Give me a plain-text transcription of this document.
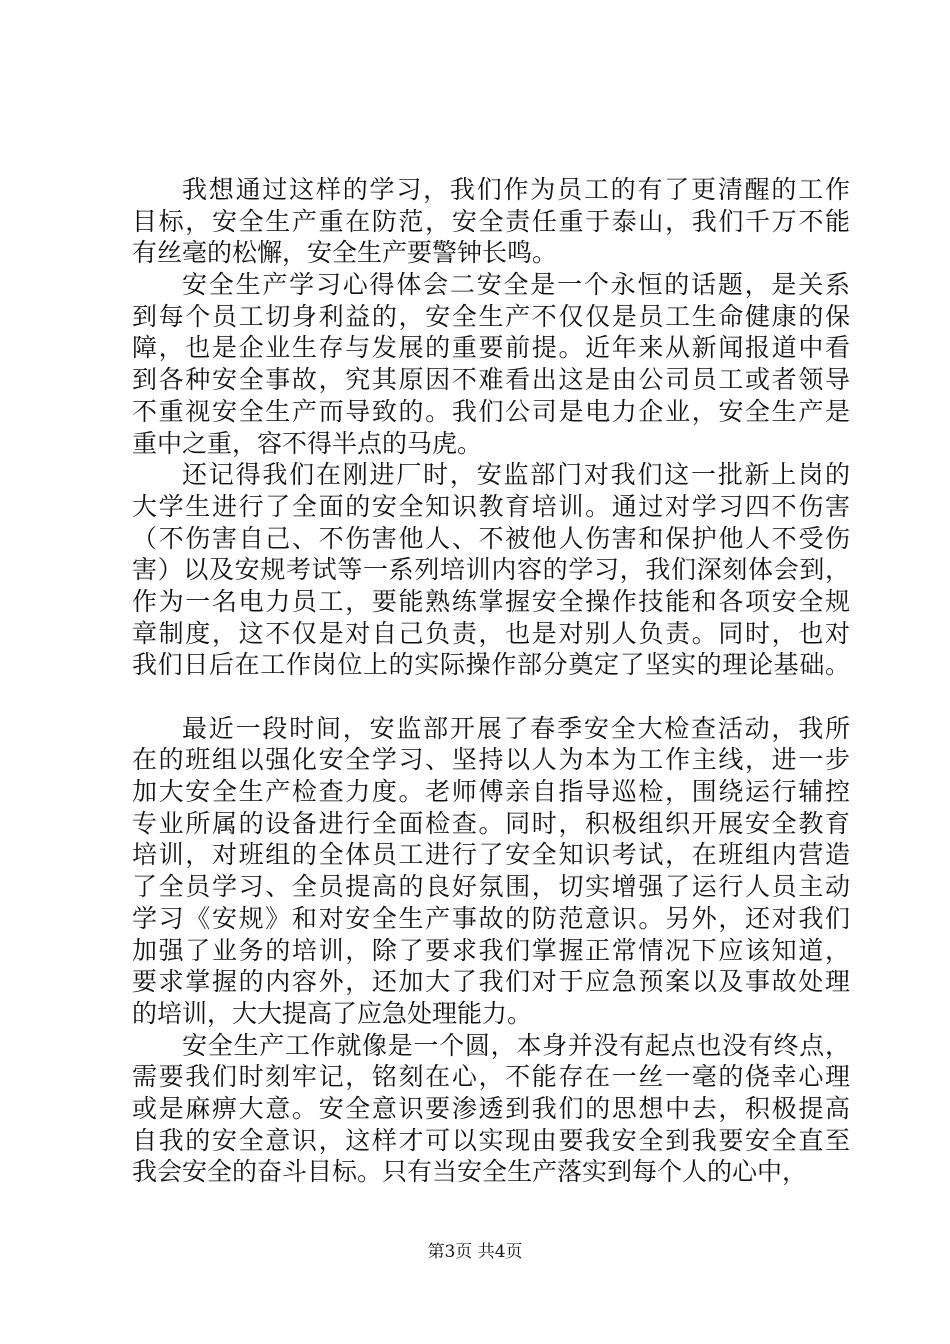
我想通过这样的学习，我们作为员工的有了更清醒的工作
目标，安全生产重在防范，安全责任重于泰山，我们千万不能
有丝毫的松懈，安全生产要警钟长鸣。
安全生产学习心得体会二安全是一个永恒的话题，是关系
到每个员工切身利益的，安全生产不仅仅是员工生命健康的保
障，也是企业生存与发展的重要前提。近年来从新闻报道中看
到各种安全事故，究其原因不难看出这是由公司员工或者领导
不重视安全生产而导致的。我们公司是电力企业，安全生产是
重中之重，容不得半点的马虎。
还记得我们在刚进厂时，安监部门对我们这一批新上岗的
大学生进行了全面的安全知识教育培训。通过对学习四不伤害
（不伤害自己、不伤害他人、不被他人伤害和保护他人不受伤
害）以及安规考试等一系列培训内容的学习，我们深刻体会到，
作为一名电力员工，要能熟练掌握安全操作技能和各项安全规
章制度，这不仅是对自己负责，也是对别人负责。同时，也对
我们日后在工作岗位上的实际操作部分奠定了坚实的理论基础。
最近一段时间，安监部开展了春季安全大检查活动，我所
在的班组以强化安全学习、坚持以人为本为工作主线，进一步
加大安全生产检查力度。老师傅亲自指导巡检，围绕运行辅控
专业所属的设备进行全面检查。同时，积极组织开展安全教育
培训，对班组的全体员工进行了安全知识考试，在班组内营造
了全员学习、全员提高的良好氛围，切实增强了运行人员主动
学习《安规》和对安全生产事故的防范意识。另外，还对我们
加强了业务的培训，除了要求我们掌握正常情况下应该知道，
要求掌握的内容外，还加大了我们对于应急预案以及事故处理
的培训，大大提高了应急处理能力。
安全生产工作就像是一个圆，本身并没有起点也没有终点，
需要我们时刻牢记，铭刻在心，不能存在一丝一毫的侥幸心理
或是麻痹大意。安全意识要渗透到我们的思想中去，积极提高
自我的安全意识，这样才可以实现由要我安全到我要安全直至
我会安全的奋斗目标。只有当安全生产落实到每个人的心中，
第3页 共4页
